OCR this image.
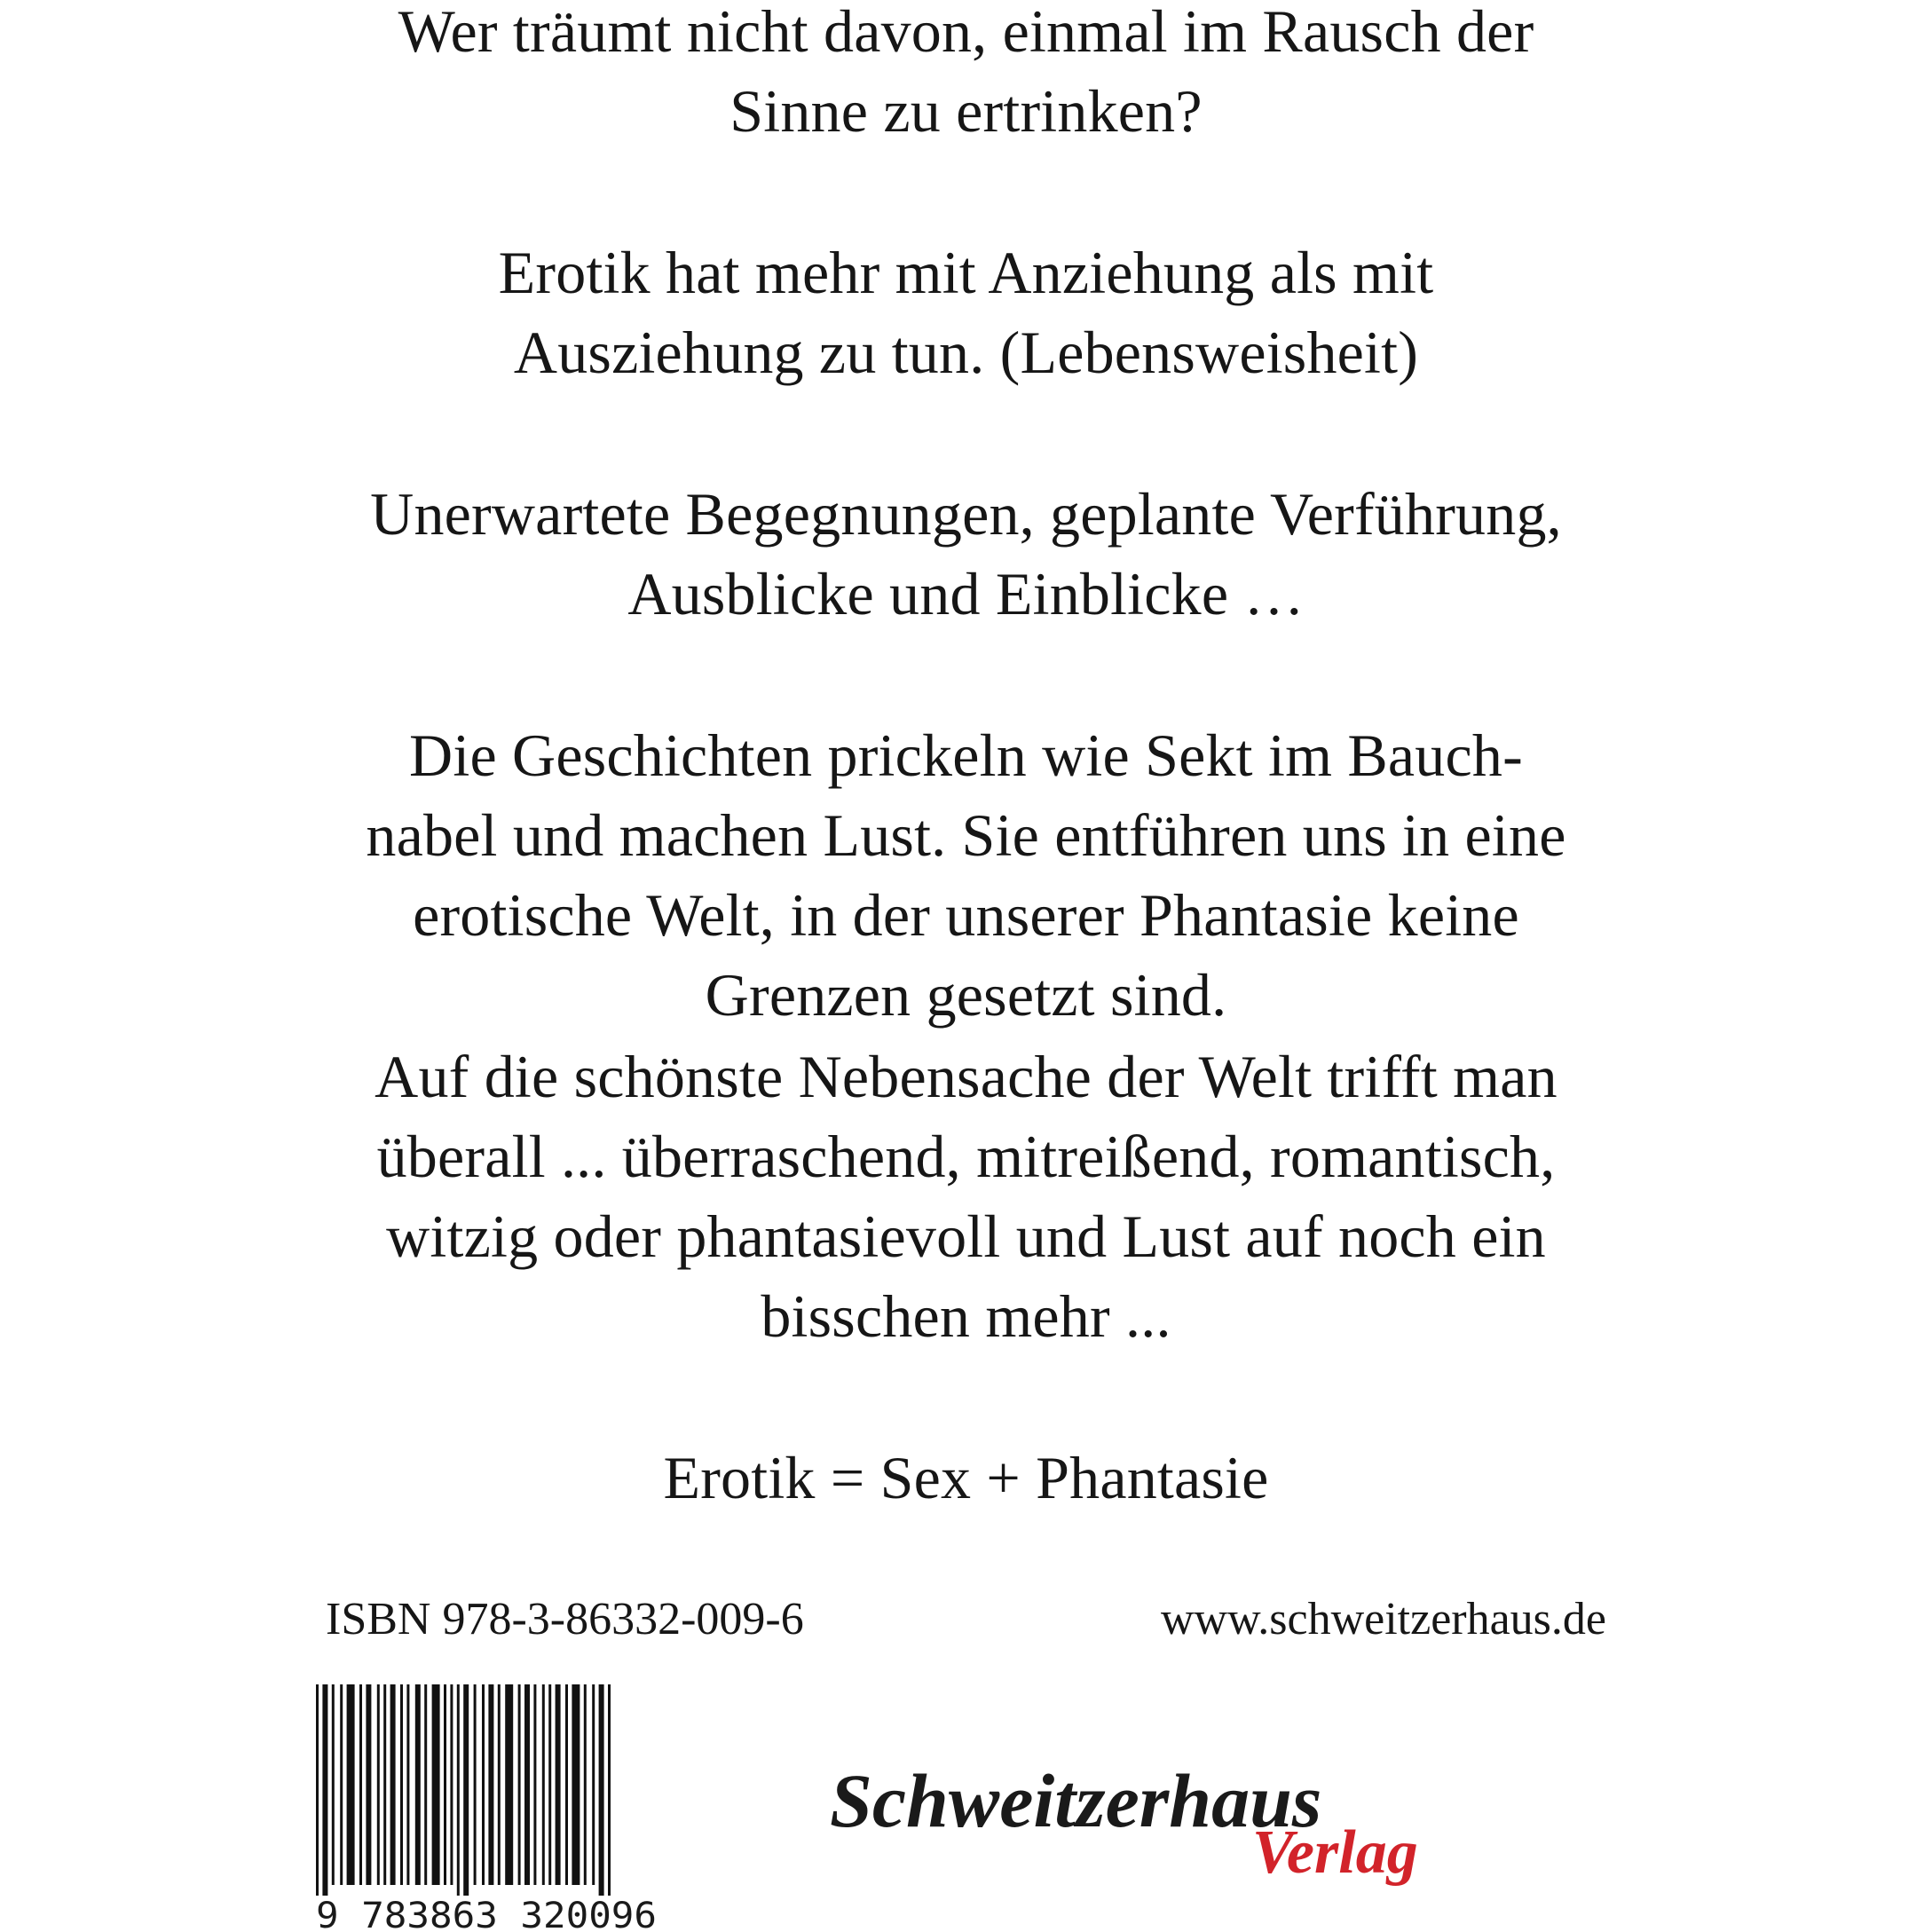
Wer träumt nicht davon, einmal im Rausch der
Sinne zu ertrinken?
Erotik hat mehr mit Anziehung als mit
Ausziehung zu tun. (Lebensweisheit)
Unerwartete Begegnungen, geplante Verführung,
Ausblicke und Einblicke …
Die Geschichten prickeln wie Sekt im Bauch-
nabel und machen Lust. Sie entführen uns in eine
erotische Welt, in der unserer Phantasie keine
Grenzen gesetzt sind.
Auf die schönste Nebensache der Welt trifft man
überall ... überraschend, mitreißend, romantisch,
witzig oder phantasievoll und Lust auf noch ein
bisschen mehr ...
Erotik = Sex + Phantasie
ISBN 978-3-86332-009-6	www.schweitzerhaus.de
9 783863 320096
Schweitzerhaus
Verlag
